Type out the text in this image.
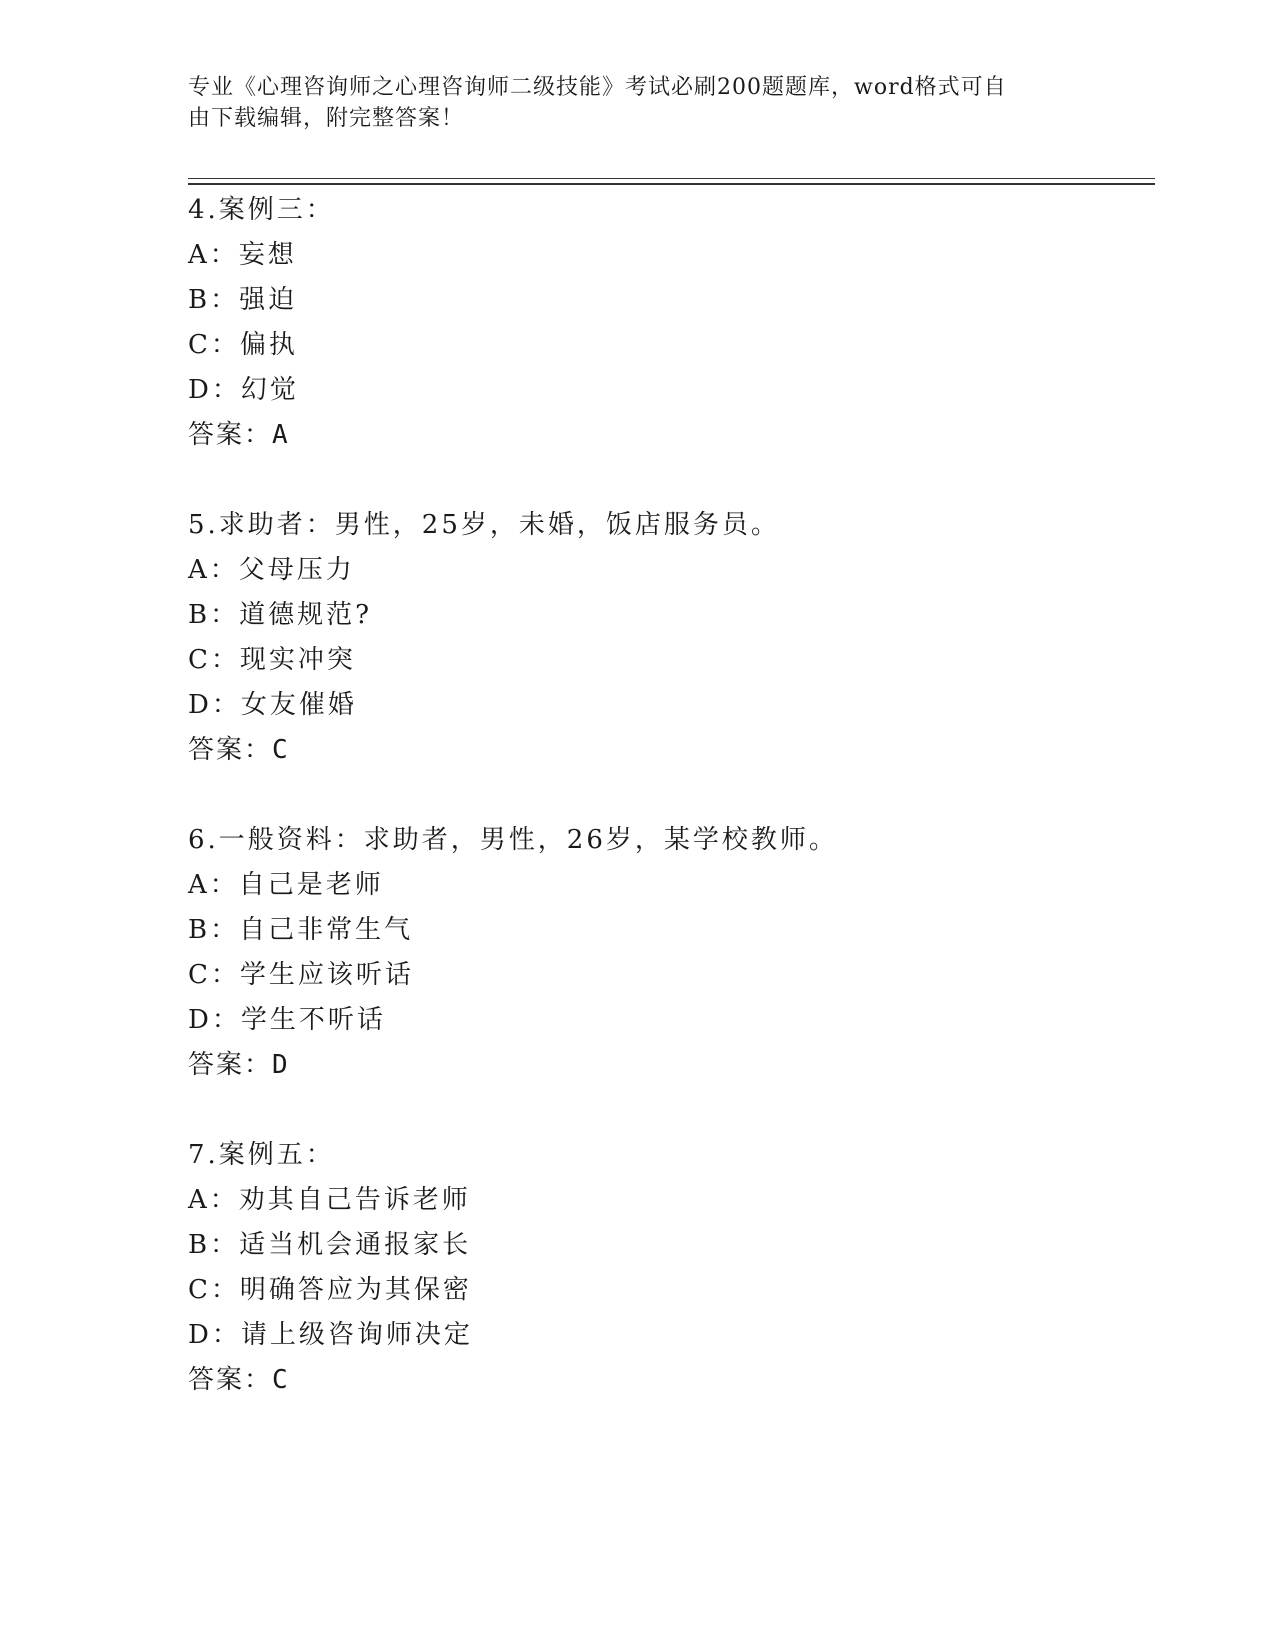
专业《心理咨询师之心理咨询师二级技能》考试必刷200题题库，word格式可自
由下载编辑，附完整答案！
4.案例三：
A：妄想
B：强迫
C：偏执
D：幻觉
答案：A
5.求助者：男性，25岁，未婚，饭店服务员。
A：父母压力
B：道德规范?
C：现实冲突
D：女友催婚
答案：C
6.一般资料：求助者，男性，26岁，某学校教师。
A：自己是老师
B：自己非常生气
C：学生应该听话
D：学生不听话
答案：D
7.案例五：
A：劝其自己告诉老师
B：适当机会通报家长
C：明确答应为其保密
D：请上级咨询师决定
答案：C
